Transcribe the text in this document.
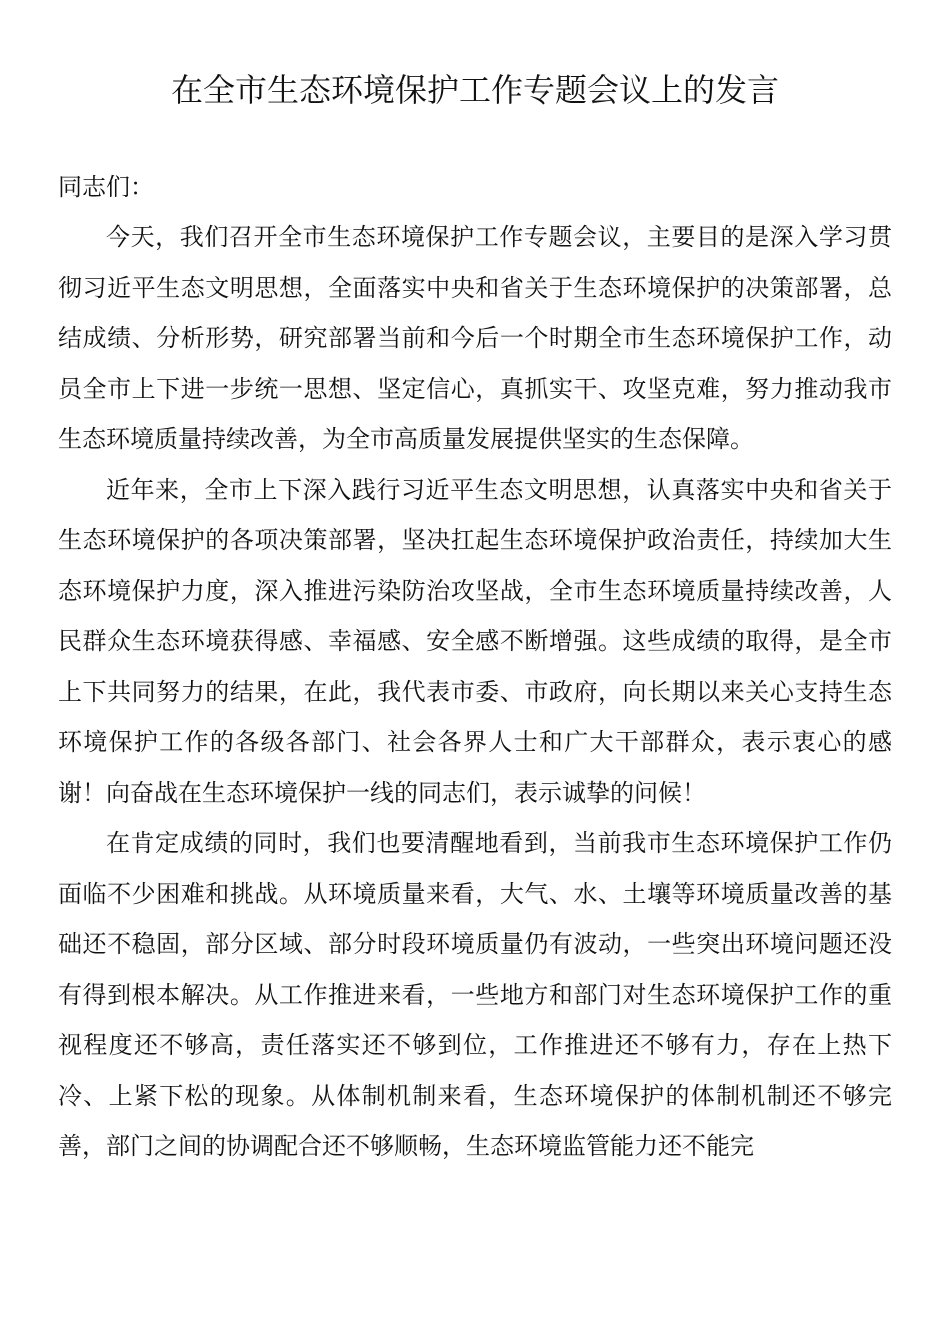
在全市生态环境保护工作专题会议上的发言

同志们：

今天，我们召开全市生态环境保护工作专题会议，主要目的是深入学习贯彻习近平生态文明思想，全面落实中央和省关于生态环境保护的决策部署，总结成绩、分析形势，研究部署当前和今后一个时期全市生态环境保护工作，动员全市上下进一步统一思想、坚定信心，真抓实干、攻坚克难，努力推动我市生态环境质量持续改善，为全市高质量发展提供坚实的生态保障。

近年来，全市上下深入践行习近平生态文明思想，认真落实中央和省关于生态环境保护的各项决策部署，坚决扛起生态环境保护政治责任，持续加大生态环境保护力度，深入推进污染防治攻坚战，全市生态环境质量持续改善，人民群众生态环境获得感、幸福感、安全感不断增强。这些成绩的取得，是全市上下共同努力的结果，在此，我代表市委、市政府，向长期以来关心支持生态环境保护工作的各级各部门、社会各界人士和广大干部群众，表示衷心的感谢！向奋战在生态环境保护一线的同志们，表示诚挚的问候！

在肯定成绩的同时，我们也要清醒地看到，当前我市生态环境保护工作仍面临不少困难和挑战。从环境质量来看，大气、水、土壤等环境质量改善的基础还不稳固，部分区域、部分时段环境质量仍有波动，一些突出环境问题还没有得到根本解决。从工作推进来看，一些地方和部门对生态环境保护工作的重视程度还不够高，责任落实还不够到位，工作推进还不够有力，存在上热下冷、上紧下松的现象。从体制机制来看，生态环境保护的体制机制还不够完善，部门之间的协调配合还不够顺畅，生态环境监管能力还不能完
